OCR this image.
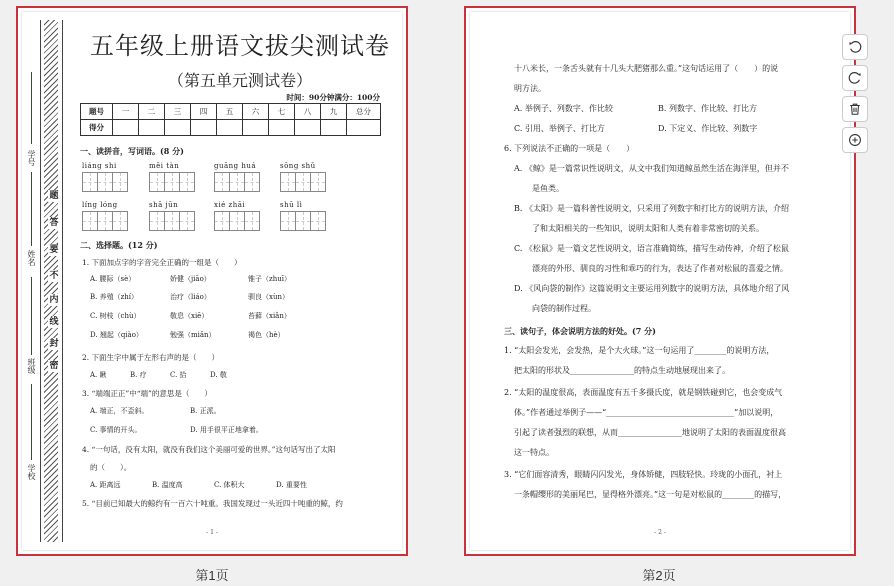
学号
姓名
班级
学校
题
答
要
不
内
线
封
密
五年级上册语文拔尖测试卷
（第五单元测试卷）
时间：90分钟满分：100分
题号	一	二	三	四	五	六	七	八	九	总分
得分										
一、读拼音，写词语。(8 分)
liáng shi	měi tàn	guāng huá	sōng shǔ
líng lóng	shā jūn	xié zhāi	shū lì
二、选择题。(12 分)
1. 下面加点字的字音完全正确的一组是（　　）
A. 腰际（sè）	娇健（jiāo）	锥子（zhuī）
B. 养殖（zhí）	治疗（liáo）	驯良（xùn）
C. 树枝（chù）	敬息（xiē）	苔藓（xiǎn）
D. 翘起（qiào）	勉强（miǎn）	褐色（hè）
2. 下面生字中属于左形右声的是（　　）
A. 瞅	B. 疗	C. 拾	D. 敬
3. “端端正正”中“端”的意思是（　　）
A. 端正，不歪斜。	B. 正派。
C. 事情的开头。	D. 用手很平正地拿着。
4. “一句话，没有太阳，就没有我们这个美丽可爱的世界。”这句话写出了太阳
的（　　）。
A. 距离远	B. 温度高	C. 体积大	D. 重要性
5. “目前已知最大的鲸约有一百六十吨重。我国发现过一头近四十吨重的鲸，约
- 1 -
第1页
十八米长，一条舌头就有十几头大肥猪那么重。”这句话运用了（　　）的说
明方法。
A. 举例子、列数字、作比较	B. 列数字、作比较、打比方
C. 引用、举例子、打比方	D. 下定义、作比较、列数字
6. 下列说法不正确的一项是（　　）
A. 《鲸》是一篇常识性说明文，从文中我们知道鲸虽然生活在海洋里，但并不
是鱼类。
B. 《太阳》是一篇科普性说明文，只采用了列数字和打比方的说明方法，介绍
了和太阳相关的一些知识，说明太阳和人类有着非常密切的关系。
C. 《松鼠》是一篇文艺性说明文，语言准确简练，描写生动传神，介绍了松鼠
漂亮的外形、驯良的习性和乖巧的行为，表达了作者对松鼠的喜爱之情。
D. 《风向袋的制作》这篇说明文主要运用列数字的说明方法，具体地介绍了风
向袋的制作过程。
三、读句子，体会说明方法的好处。(7 分)
1. “太阳会发光，会发热，是个大火球。”这一句运用了________的说明方法，
把太阳的形状及________________的特点生动地展现出来了。
2. “太阳的温度很高，表面温度有五千多摄氏度，就是钢铁碰到它，也会变成气
体。”作者通过举例子——“________________________________”加以说明，
引起了读者强烈的联想，从而________________地说明了太阳的表面温度很高
这一特点。
3. “它们面容清秀，眼睛闪闪发光，身体矫健，四肢轻快。玲珑的小面孔，衬上
一条帽缨形的美丽尾巴，显得格外漂亮。”这一句是对松鼠的________的描写，
- 2 -
第2页
